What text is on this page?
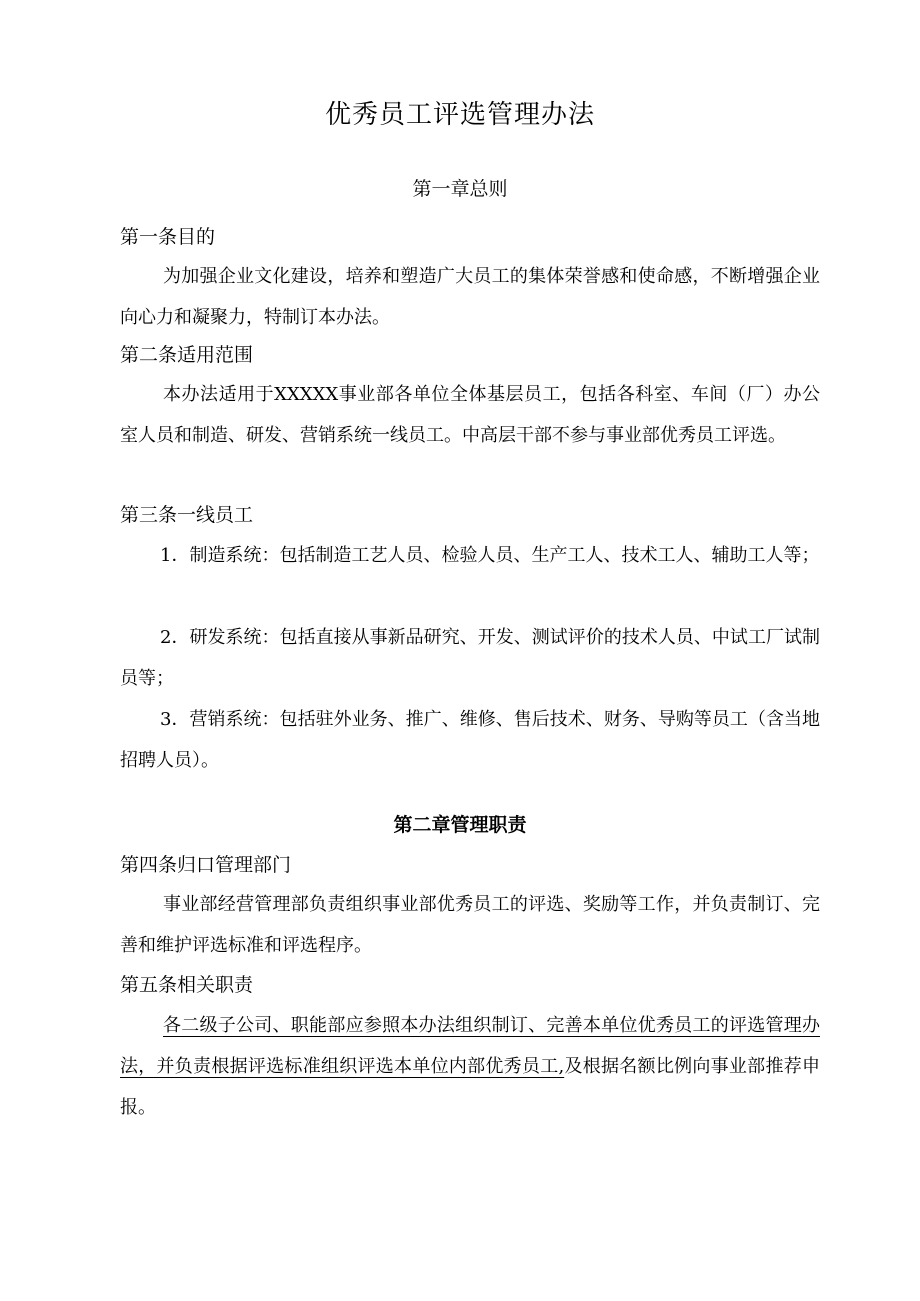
优秀员工评选管理办法
第一章总则
第一条目的

为加强企业文化建设，培养和塑造广大员工的集体荣誉感和使命感，不断增强企业向心力和凝聚力，特制订本办法。

第二条适用范围

本办法适用于XXXXX事业部各单位全体基层员工，包括各科室、车间（厂）办公室人员和制造、研发、营销系统一线员工。中高层干部不参与事业部优秀员工评选。

第三条一线员工

1．制造系统：包括制造工艺人员、检验人员、生产工人、技术工人、辅助工人等；

2．研发系统：包括直接从事新品研究、开发、测试评价的技术人员、中试工厂试制员等；

3．营销系统：包括驻外业务、推广、维修、售后技术、财务、导购等员工（含当地招聘人员）。

第二章管理职责
第四条归口管理部门

事业部经营管理部负责组织事业部优秀员工的评选、奖励等工作，并负责制订、完善和维护评选标准和评选程序。

第五条相关职责

各二级子公司、职能部应参照本办法组织制订、完善本单位优秀员工的评选管理办法，并负责根据评选标准组织评选本单位内部优秀员工,及根据名额比例向事业部推荐申报。
